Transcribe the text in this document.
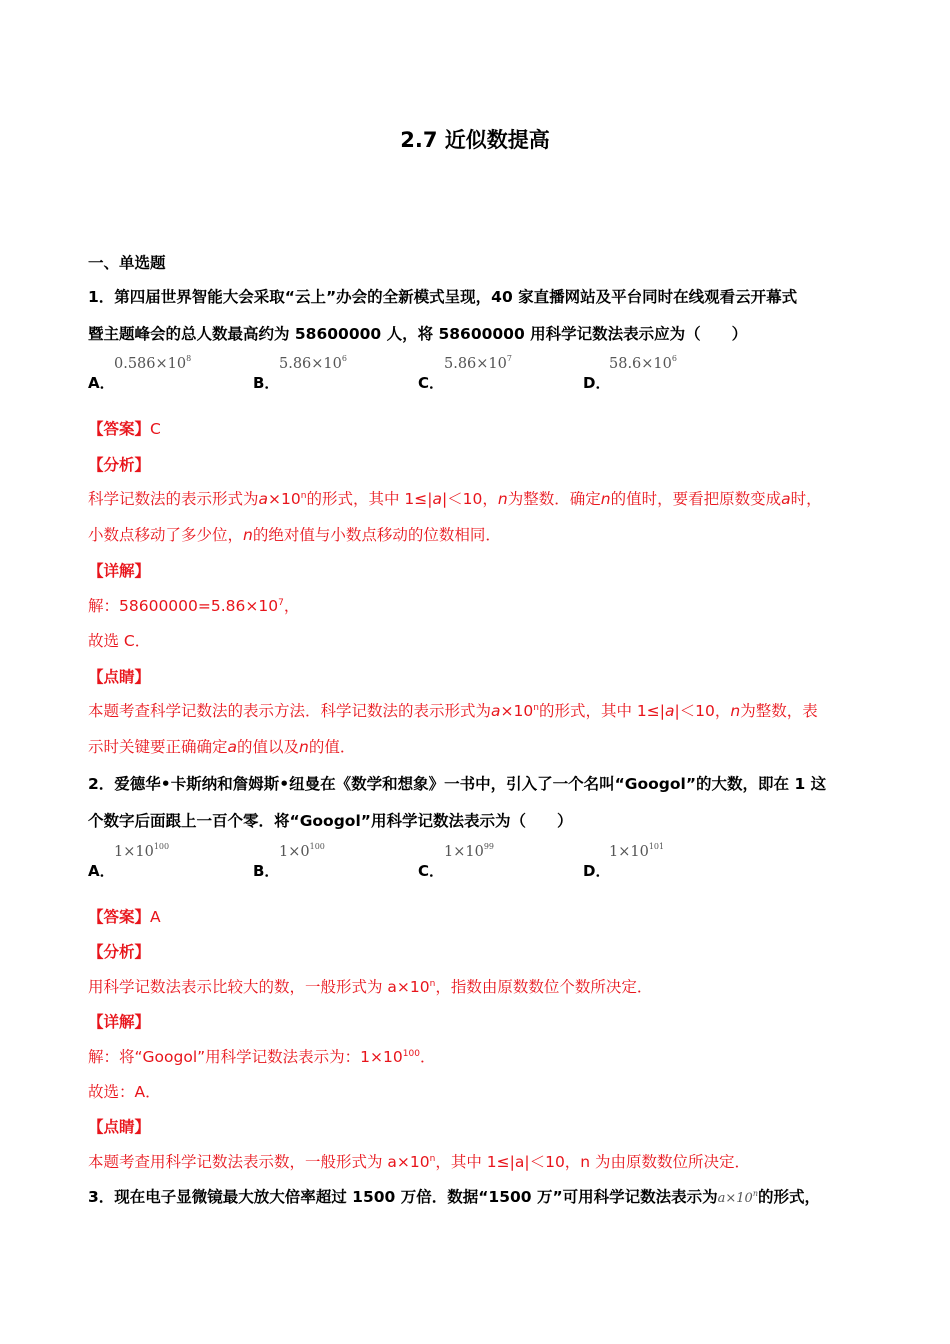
2.7 近似数提高
一、单选题
1．第四届世界智能大会采取“云上”办会的全新模式呈现，40 家直播网站及平台同时在线观看云开幕式
暨主题峰会的总人数最高约为 58600000 人，将 58600000 用科学记数法表示应为（　　）
A．
$0.586\times 10^8$
B．
$5.86\times 10^6$
C．
$5.86\times 10^7$
D．
$58.6\times 10^6$
【答案】C
【分析】
科学记数法的表示形式为$a\times 10^n$的形式，其中 1≤|a|＜10，n为整数．确定n的值时，要看把原数变成a时，
小数点移动了多少位，n的绝对值与小数点移动的位数相同．
【详解】
解：$58600000=5.86\times 10^7$，
故选 C．
【点睛】
本题考查科学记数法的表示方法．科学记数法的表示形式为$a\times 10^n$的形式，其中 1≤|a|＜10，n为整数，表
示时关键要正确确定a的值以及n的值．
2．爱德华•卡斯纳和詹姆斯•纽曼在《数学和想象》一书中，引入了一个名叫“Googol”的大数，即在 1 这
个数字后面跟上一百个零．将“Googol”用科学记数法表示为（　　）
A．
$1\times 10^{100}$
B．
$1\times 0^{100}$
C．
$1\times 10^{99}$
D．
$1\times 10^{101}$
【答案】A
【分析】
用科学记数法表示比较大的数，一般形式为 $a\times 10^n$，指数由原数数位个数所决定．
【详解】
解：将“Googol”用科学记数法表示为：$1\times 10^{100}$．
故选：A．
【点睛】
本题考查用科学记数法表示数，一般形式为 $a\times 10^n$，其中 1≤|a|＜10，n 为由原数数位所决定．
3．现在电子显微镜最大放大倍率超过 1500 万倍．数据“1500 万”可用科学记数法表示为$a\times 10^n$的形式，
